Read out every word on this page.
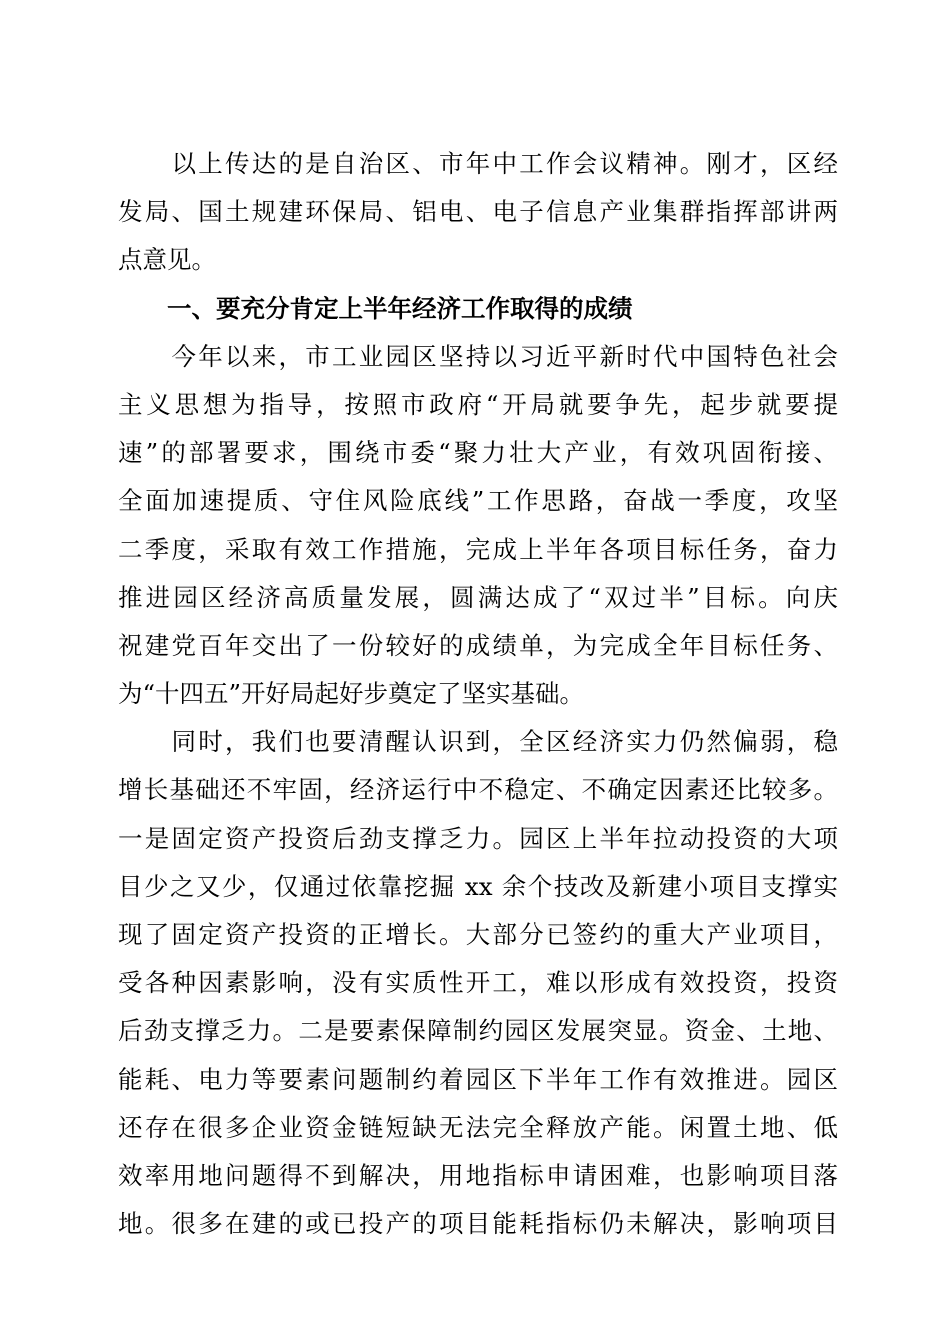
　　以上传达的是自治区、市年中工作会议精神。刚才，区经
发局、国土规建环保局、铝电、电子信息产业集群指挥部讲两
点意见。
　　一、要充分肯定上半年经济工作取得的成绩
　　今年以来，市工业园区坚持以习近平新时代中国特色社会
主义思想为指导，按照市政府“开局就要争先，起步就要提
速”的部署要求，围绕市委“聚力壮大产业，有效巩固衔接、
全面加速提质、守住风险底线”工作思路，奋战一季度，攻坚
二季度，采取有效工作措施，完成上半年各项目标任务，奋力
推进园区经济高质量发展，圆满达成了“双过半”目标。向庆
祝建党百年交出了一份较好的成绩单，为完成全年目标任务、
为“十四五”开好局起好步奠定了坚实基础。
　　同时，我们也要清醒认识到，全区经济实力仍然偏弱，稳
增长基础还不牢固，经济运行中不稳定、不确定因素还比较多。
一是固定资产投资后劲支撑乏力。园区上半年拉动投资的大项
目少之又少，仅通过依靠挖掘 xx 余个技改及新建小项目支撑实
现了固定资产投资的正增长。大部分已签约的重大产业项目，
受各种因素影响，没有实质性开工，难以形成有效投资，投资
后劲支撑乏力。二是要素保障制约园区发展突显。资金、土地、
能耗、电力等要素问题制约着园区下半年工作有效推进。园区
还存在很多企业资金链短缺无法完全释放产能。闲置土地、低
效率用地问题得不到解决，用地指标申请困难，也影响项目落
地。很多在建的或已投产的项目能耗指标仍未解决，影响项目
